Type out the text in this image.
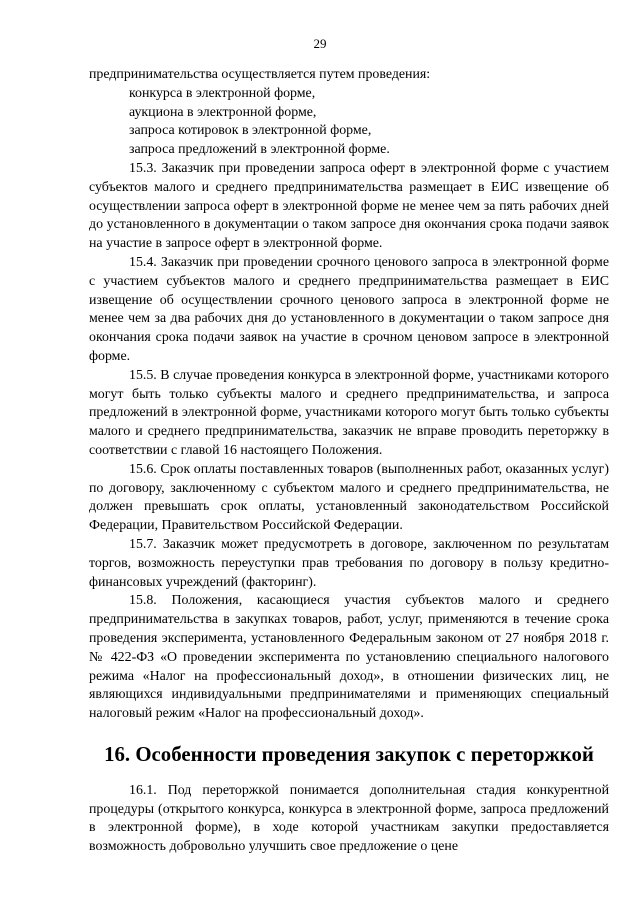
29

предпринимательства осуществляется путем проведения:

конкурса в электронной форме,

аукциона в электронной форме,

запроса котировок в электронной форме,

запроса предложений в электронной форме.

15.3. Заказчик при проведении запроса оферт в электронной форме с участием субъектов малого и среднего предпринимательства размещает в ЕИС извещение об осуществлении запроса оферт в электронной форме не менее чем за пять рабочих дней до установленного в документации о таком запросе дня окончания срока подачи заявок на участие в запросе оферт в электронной форме.

15.4. Заказчик при проведении срочного ценового запроса в электронной форме с участием субъектов малого и среднего предпринимательства размещает в ЕИС извещение об осуществлении срочного ценового запроса в электронной форме не менее чем за два рабочих дня до установленного в документации о таком запросе дня окончания срока подачи заявок на участие в срочном ценовом запросе в электронной форме.

15.5. В случае проведения конкурса в электронной форме, участниками которого могут быть только субъекты малого и среднего предпринимательства, и запроса предложений в электронной форме, участниками которого могут быть только субъекты малого и среднего предпринимательства, заказчик не вправе проводить переторжку в соответствии с главой 16 настоящего Положения.

15.6. Срок оплаты поставленных товаров (выполненных работ, оказанных услуг) по договору, заключенному с субъектом малого и среднего предпринимательства, не должен превышать срок оплаты, установленный законодательством Российской Федерации, Правительством Российской Федерации.

15.7. Заказчик может предусмотреть в договоре, заключенном по результатам торгов, возможность переуступки прав требования по договору в пользу кредитно-финансовых учреждений (факторинг).

15.8. Положения, касающиеся участия субъектов малого и среднего предпринимательства в закупках товаров, работ, услуг, применяются в течение срока проведения эксперимента, установленного Федеральным законом от 27 ноября 2018 г. № 422-ФЗ «О проведении эксперимента по установлению специального налогового режима «Налог на профессиональный доход», в отношении физических лиц, не являющихся индивидуальными предпринимателями и применяющих специальный налоговый режим «Налог на профессиональный доход».

16. Особенности проведения закупок с переторжкой

16.1. Под переторжкой понимается дополнительная стадия конкурентной процедуры (открытого конкурса, конкурса в электронной форме, запроса предложений в электронной форме), в ходе которой участникам закупки предоставляется возможность добровольно улучшить свое предложение о цене
